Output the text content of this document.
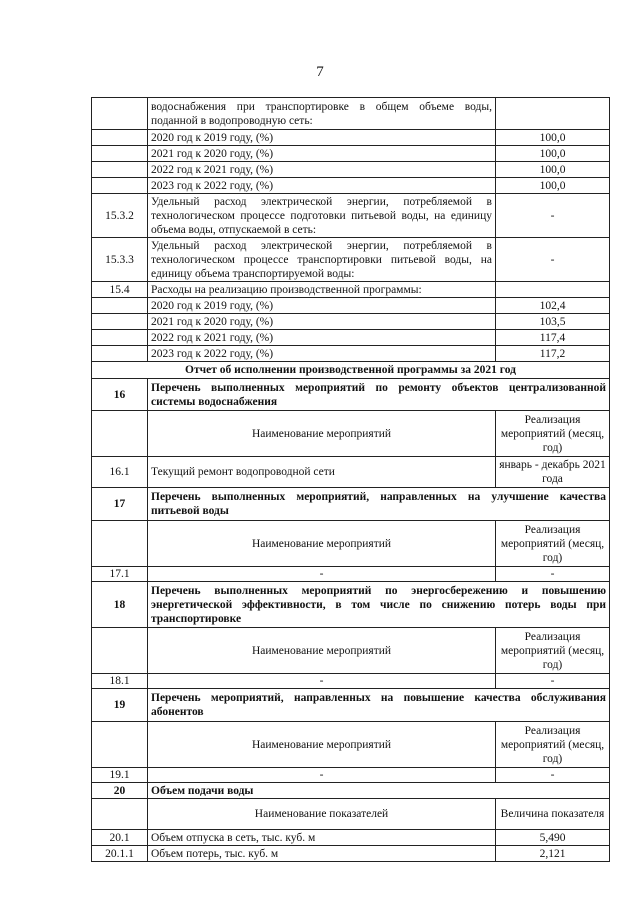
7
	водоснабжения при транспортировке в общем объеме воды, поданной в водопроводную сеть:	
	2020 год к 2019 году, (%)	100,0
	2021 год к 2020 году, (%)	100,0
	2022 год к 2021 году, (%)	100,0
	2023 год к 2022 году, (%)	100,0
15.3.2	Удельный расход электрической энергии, потребляемой в технологическом процессе подготовки питьевой воды, на единицу объема воды, отпускаемой в сеть:	-
15.3.3	Удельный расход электрической энергии, потребляемой в технологическом процессе транспортировки питьевой воды, на единицу объема транспортируемой воды:	-
15.4	Расходы на реализацию производственной программы:	
	2020 год к 2019 году, (%)	102,4
	2021 год к 2020 году, (%)	103,5
	2022 год к 2021 году, (%)	117,4
	2023 год к 2022 году, (%)	117,2
Отчет об исполнении производственной программы за 2021 год		
16	Перечень выполненных мероприятий по ремонту объектов централизованной системы водоснабжения	
	Наименование мероприятий	Реализация мероприятий (месяц, год)
16.1	Текущий ремонт водопроводной сети	январь - декабрь 2021 года
17	Перечень выполненных мероприятий, направленных на улучшение качества питьевой воды	
	Наименование мероприятий	Реализация мероприятий (месяц, год)
17.1	-	-
18	Перечень выполненных мероприятий по энергосбережению и повышению энергетической эффективности, в том числе по снижению потерь воды при транспортировке	
	Наименование мероприятий	Реализация мероприятий (месяц, год)
18.1	-	-
19	Перечень мероприятий, направленных на повышение качества обслуживания абонентов	
	Наименование мероприятий	Реализация мероприятий (месяц, год)
19.1	-	-
20	Объем подачи воды	
	Наименование показателей	Величина показателя
20.1	Объем отпуска в сеть, тыс. куб. м	5,490
20.1.1	Объем потерь, тыс. куб. м	2,121
